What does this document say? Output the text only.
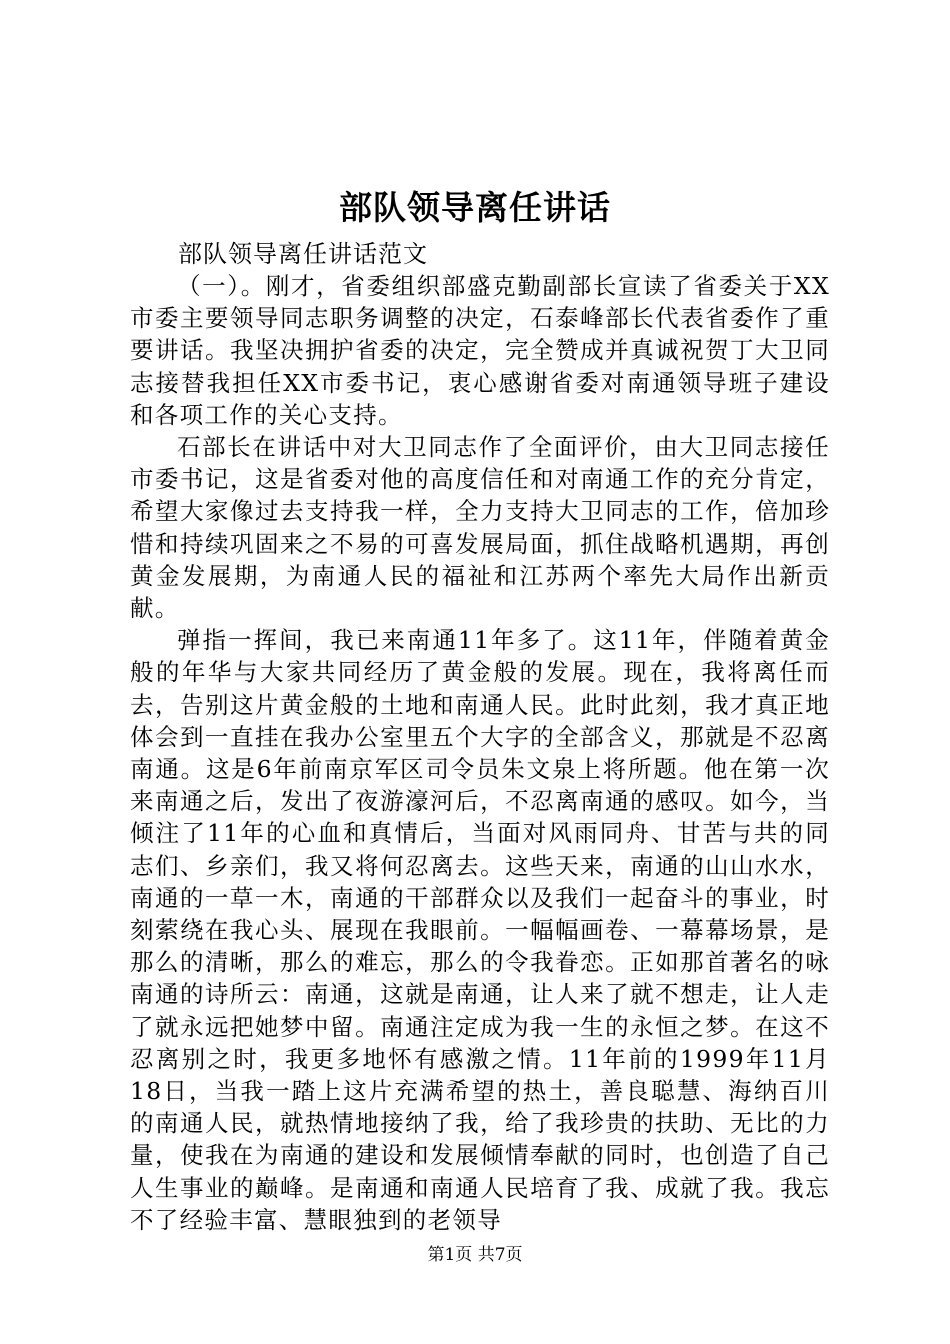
部队领导离任讲话
部队领导离任讲话范文

（一）。刚才，省委组织部盛克勤副部长宣读了省委关于XX市委主要领导同志职务调整的决定，石泰峰部长代表省委作了重要讲话。我坚决拥护省委的决定，完全赞成并真诚祝贺丁大卫同志接替我担任XX市委书记，衷心感谢省委对南通领导班子建设和各项工作的关心支持。

石部长在讲话中对大卫同志作了全面评价，由大卫同志接任市委书记，这是省委对他的高度信任和对南通工作的充分肯定，希望大家像过去支持我一样，全力支持大卫同志的工作，倍加珍惜和持续巩固来之不易的可喜发展局面，抓住战略机遇期，再创黄金发展期，为南通人民的福祉和江苏两个率先大局作出新贡献。

弹指一挥间，我已来南通11年多了。这11年，伴随着黄金般的年华与大家共同经历了黄金般的发展。现在，我将离任而去，告别这片黄金般的土地和南通人民。此时此刻，我才真正地体会到一直挂在我办公室里五个大字的全部含义，那就是不忍离南通。这是6年前南京军区司令员朱文泉上将所题。他在第一次来南通之后，发出了夜游濠河后，不忍离南通的感叹。如今，当倾注了11年的心血和真情后，当面对风雨同舟、甘苦与共的同志们、乡亲们，我又将何忍离去。这些天来，南通的山山水水，南通的一草一木，南通的干部群众以及我们一起奋斗的事业，时刻萦绕在我心头、展现在我眼前。一幅幅画卷、一幕幕场景，是那么的清晰，那么的难忘，那么的令我眷恋。正如那首著名的咏南通的诗所云：南通，这就是南通，让人来了就不想走，让人走了就永远把她梦中留。南通注定成为我一生的永恒之梦。在这不忍离别之时，我更多地怀有感激之情。11年前的1999年11月18日，当我一踏上这片充满希望的热土，善良聪慧、海纳百川的南通人民，就热情地接纳了我，给了我珍贵的扶助、无比的力量，使我在为南通的建设和发展倾情奉献的同时，也创造了自己人生事业的巅峰。是南通和南通人民培育了我、成就了我。我忘不了经验丰富、慧眼独到的老领导

第1页 共7页
